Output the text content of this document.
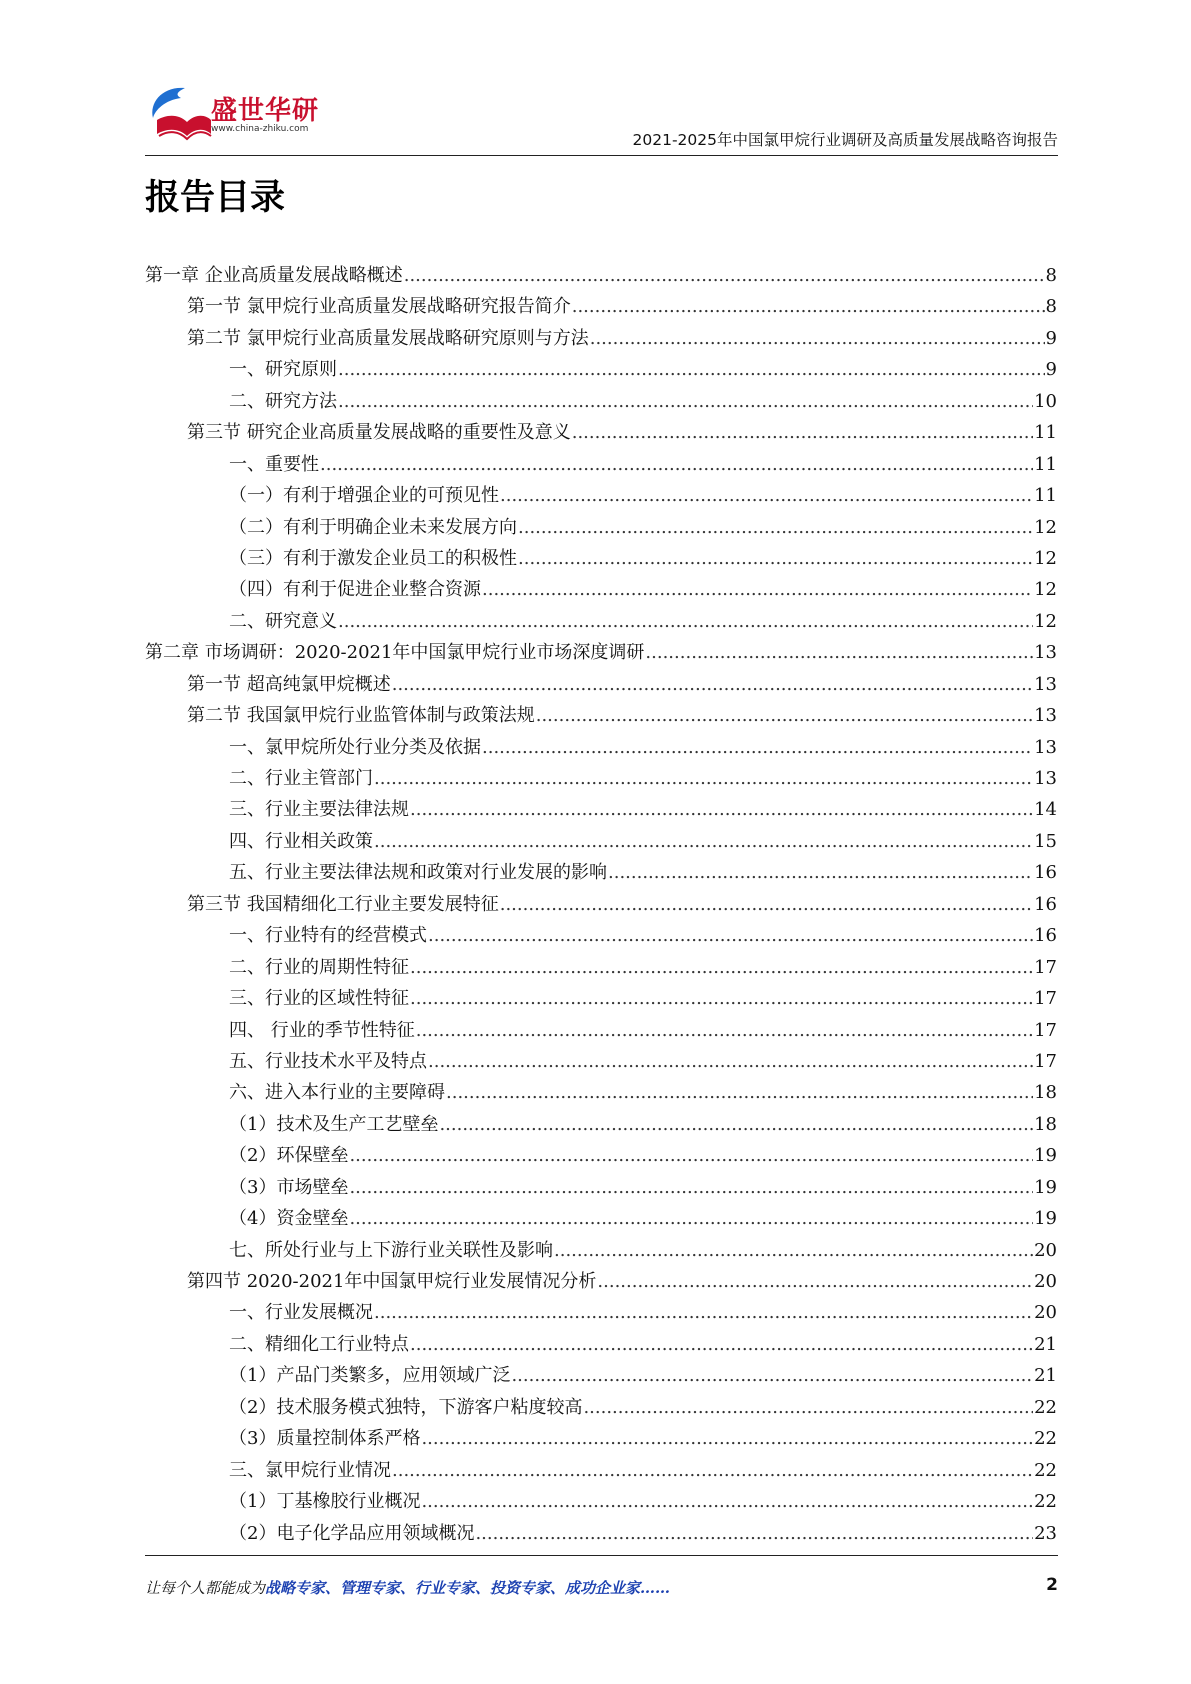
盛世华研
www.china-zhiku.com
2021-2025年中国氯甲烷行业调研及高质量发展战略咨询报告
报告目录
第一章 企业高质量发展战略概述 .....	8
第一节 氯甲烷行业高质量发展战略研究报告简介 .....	8
第二节 氯甲烷行业高质量发展战略研究原则与方法 .....	9
一、研究原则 .....	9
二、研究方法 .....	10
第三节 研究企业高质量发展战略的重要性及意义 .....	11
一、重要性 .....	11
（一）有利于增强企业的可预见性 .....	11
（二）有利于明确企业未来发展方向 .....	12
（三）有利于激发企业员工的积极性 .....	12
（四）有利于促进企业整合资源 .....	12
二、研究意义 .....	12
第二章 市场调研：2020-2021年中国氯甲烷行业市场深度调研 .....	13
第一节 超高纯氯甲烷概述 .....	13
第二节 我国氯甲烷行业监管体制与政策法规 .....	13
一、氯甲烷所处行业分类及依据 .....	13
二、行业主管部门 .....	13
三、行业主要法律法规 .....	14
四、行业相关政策 .....	15
五、行业主要法律法规和政策对行业发展的影响 .....	16
第三节 我国精细化工行业主要发展特征 .....	16
一、行业特有的经营模式 .....	16
二、行业的周期性特征 .....	17
三、行业的区域性特征 .....	17
四、 行业的季节性特征 .....	17
五、行业技术水平及特点 .....	17
六、进入本行业的主要障碍 .....	18
（1）技术及生产工艺壁垒 .....	18
（2）环保壁垒 .....	19
（3）市场壁垒 .....	19
（4）资金壁垒 .....	19
七、所处行业与上下游行业关联性及影响 .....	20
第四节 2020-2021年中国氯甲烷行业发展情况分析 .....	20
一、行业发展概况 .....	20
二、精细化工行业特点 .....	21
（1）产品门类繁多，应用领域广泛 .....	21
（2）技术服务模式独特，下游客户粘度较高 .....	22
（3）质量控制体系严格 .....	22
三、氯甲烷行业情况 .....	22
（1）丁基橡胶行业概况 .....	22
（2）电子化学品应用领域概况 .....	23
让每个人都能成为战略专家、管理专家、行业专家、投资专家、成功企业家……	2
